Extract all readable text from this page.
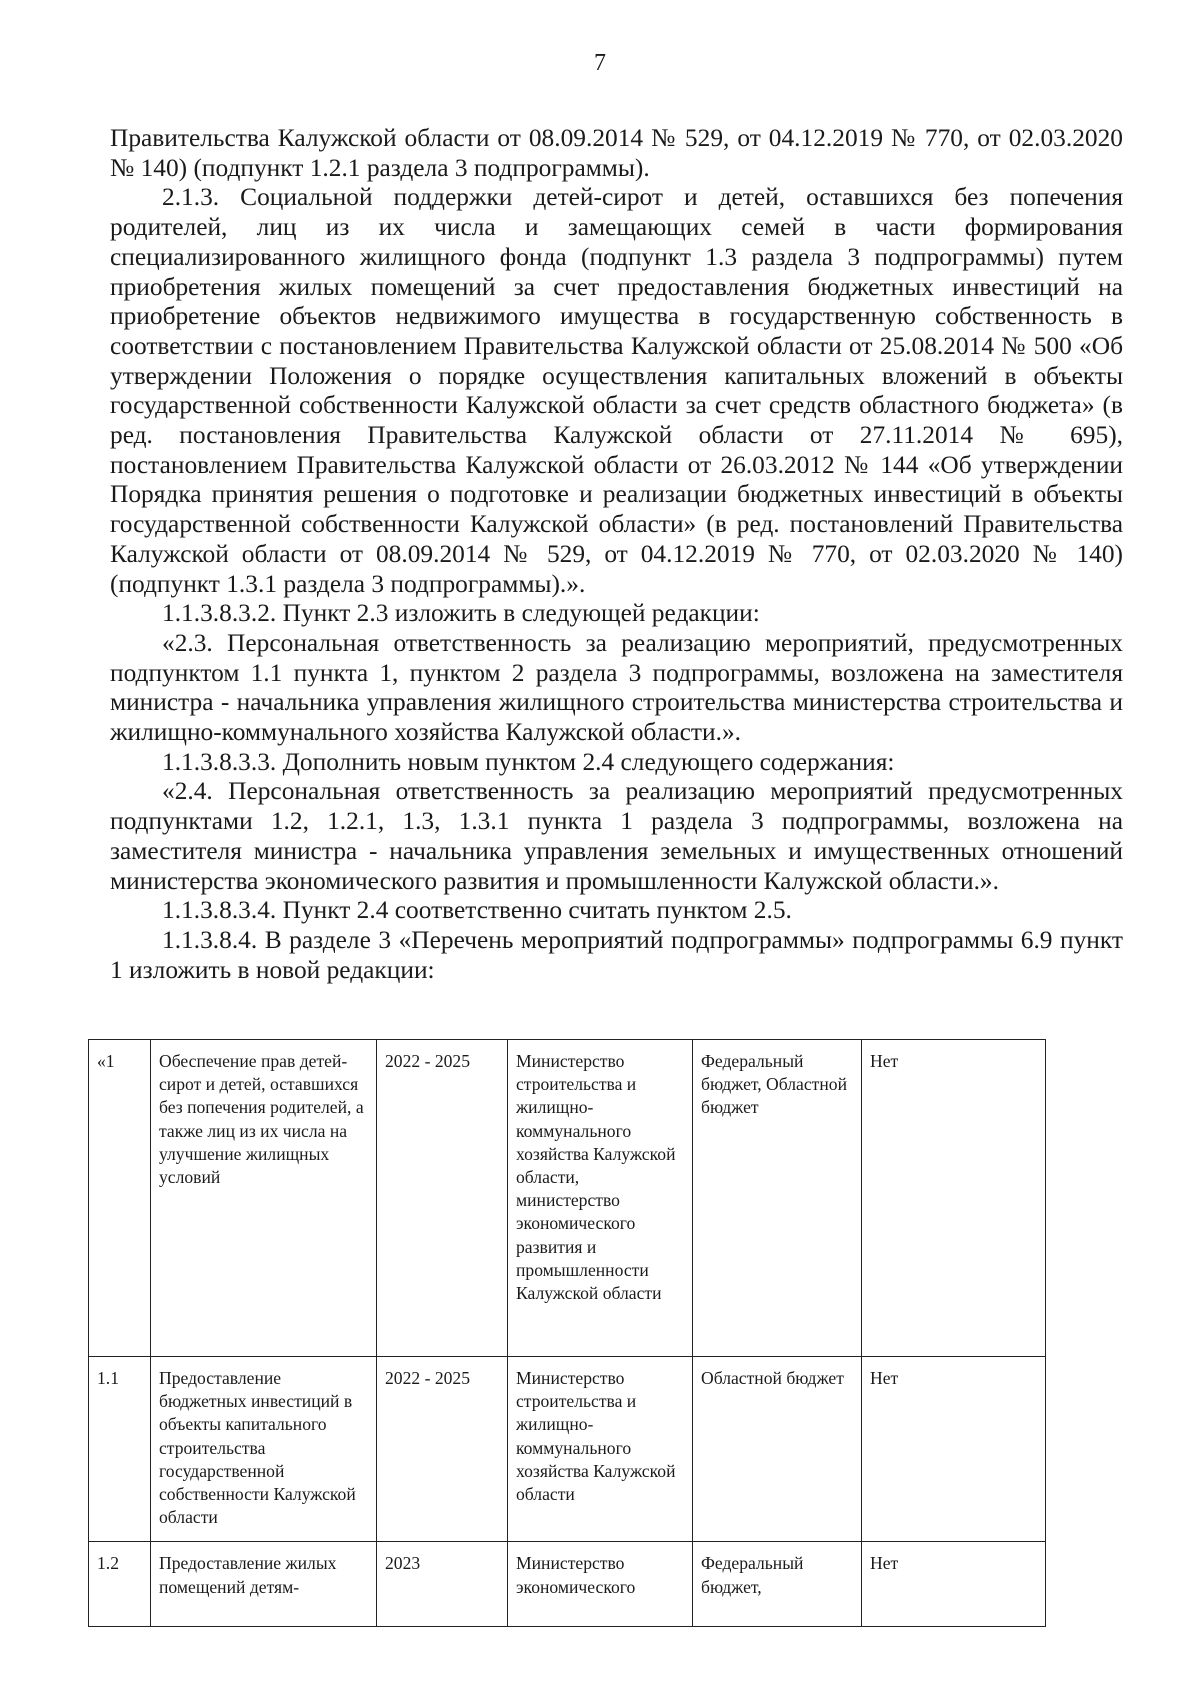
7

Правительства Калужской области от 08.09.2014 № 529, от 04.12.2019 № 770, от 02.03.2020 № 140) (подпункт 1.2.1 раздела 3 подпрограммы).

2.1.3. Социальной поддержки детей-сирот и детей, оставшихся без попечения родителей, лиц из их числа и замещающих семей в части формирования специализированного жилищного фонда (подпункт 1.3 раздела 3 подпрограммы) путем приобретения жилых помещений за счет предоставления бюджетных инвестиций на приобретение объектов недвижимого имущества в государственную собственность в соответствии с постановлением Правительства Калужской области от 25.08.2014 № 500 «Об утверждении Положения о порядке осуществления капитальных вложений в объекты государственной собственности Калужской области за счет средств областного бюджета» (в ред. постановления Правительства Калужской области от 27.11.2014 № 695), постановлением Правительства Калужской области от 26.03.2012 № 144 «Об утверждении Порядка принятия решения о подготовке и реализации бюджетных инвестиций в объекты государственной собственности Калужской области» (в ред. постановлений Правительства Калужской области от 08.09.2014 № 529, от 04.12.2019 № 770, от 02.03.2020 № 140) (подпункт 1.3.1 раздела 3 подпрограммы).».

1.1.3.8.3.2. Пункт 2.3 изложить в следующей редакции:

«2.3. Персональная ответственность за реализацию мероприятий, предусмотренных подпунктом 1.1 пункта 1, пунктом 2 раздела 3 подпрограммы, возложена на заместителя министра - начальника управления жилищного строительства министерства строительства и жилищно-коммунального хозяйства Калужской области.».

1.1.3.8.3.3. Дополнить новым пунктом 2.4 следующего содержания:

«2.4. Персональная ответственность за реализацию мероприятий предусмотренных подпунктами 1.2, 1.2.1, 1.3, 1.3.1 пункта 1 раздела 3 подпрограммы, возложена на заместителя министра - начальника управления земельных и имущественных отношений министерства экономического развития и промышленности Калужской области.».

1.1.3.8.3.4. Пункт 2.4 соответственно считать пунктом 2.5.

1.1.3.8.4. В разделе 3 «Перечень мероприятий подпрограммы» подпрограммы 6.9 пункт 1 изложить в новой редакции:

«1	Обеспечение прав детей-сирот и детей, оставшихся без попечения родителей, а также лиц из их числа на улучшение жилищных условий	2022 - 2025	Министерство строительства и жилищно-коммунального хозяйства Калужской области, министерство экономического развития и промышленности Калужской области	Федеральный бюджет, Областной бюджет	Нет
1.1	Предоставление бюджетных инвестиций в объекты капитального строительства государственной собственности Калужской области	2022 - 2025	Министерство строительства и жилищно-коммунального хозяйства Калужской области	Областной бюджет	Нет
1.2	Предоставление жилых помещений детям-	2023	Министерство экономического	Федеральный бюджет,	Нет
